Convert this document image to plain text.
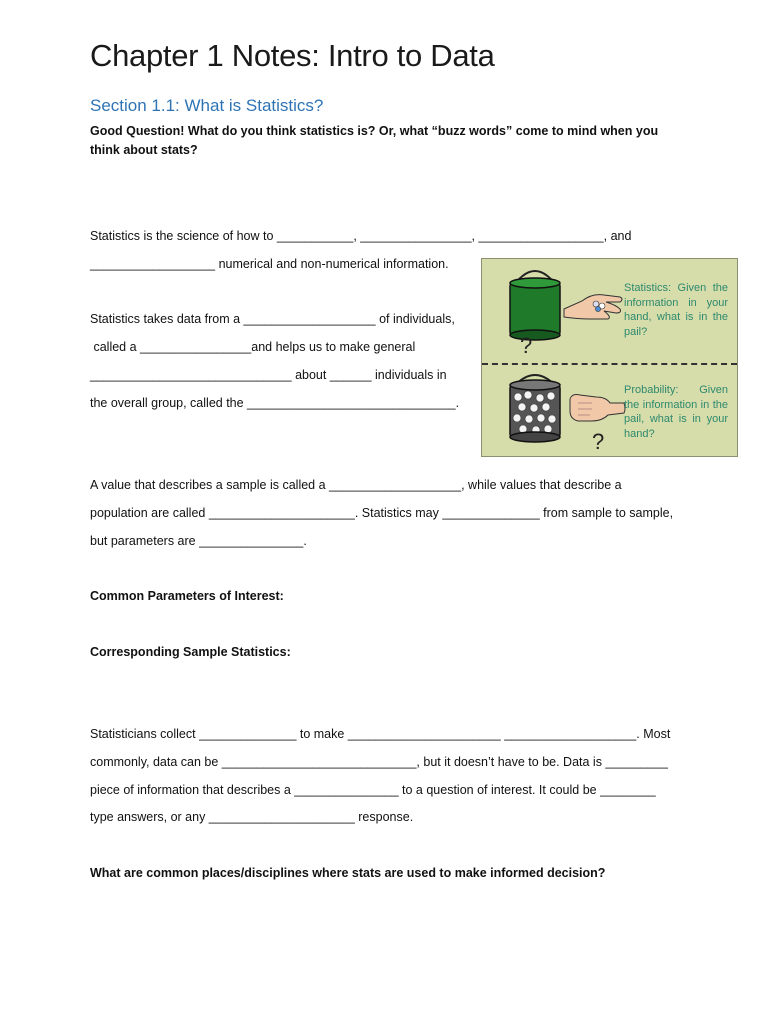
Chapter 1 Notes: Intro to Data
Section 1.1: What is Statistics?
Good Question! What do you think statistics is? Or, what “buzz words” come to mind when you think about stats?
Statistics is the science of how to ___________, ________________, __________________, and
__________________ numerical and non-numerical information.
Statistics takes data from a ___________________ of individuals,
called a ________________and helps us to make general
_____________________________ about ______ individuals in
the overall group, called the ______________________________.
?
Statistics: Given the information in your hand, what is in the pail?
?
Probability: Given the information in the pail, what is in your hand?
A value that describes a sample is called a ___________________, while values that describe a
population are called _____________________. Statistics may ______________ from sample to sample,
but parameters are _______________.
Common Parameters of Interest:
Corresponding Sample Statistics:
Statisticians collect ______________ to make ______________________ ___________________. Most
commonly, data can be ____________________________, but it doesn’t have to be. Data is _________
piece of information that describes a _______________ to a question of interest. It could be ________
type answers, or any _____________________ response.
What are common places/disciplines where stats are used to make informed decision?
